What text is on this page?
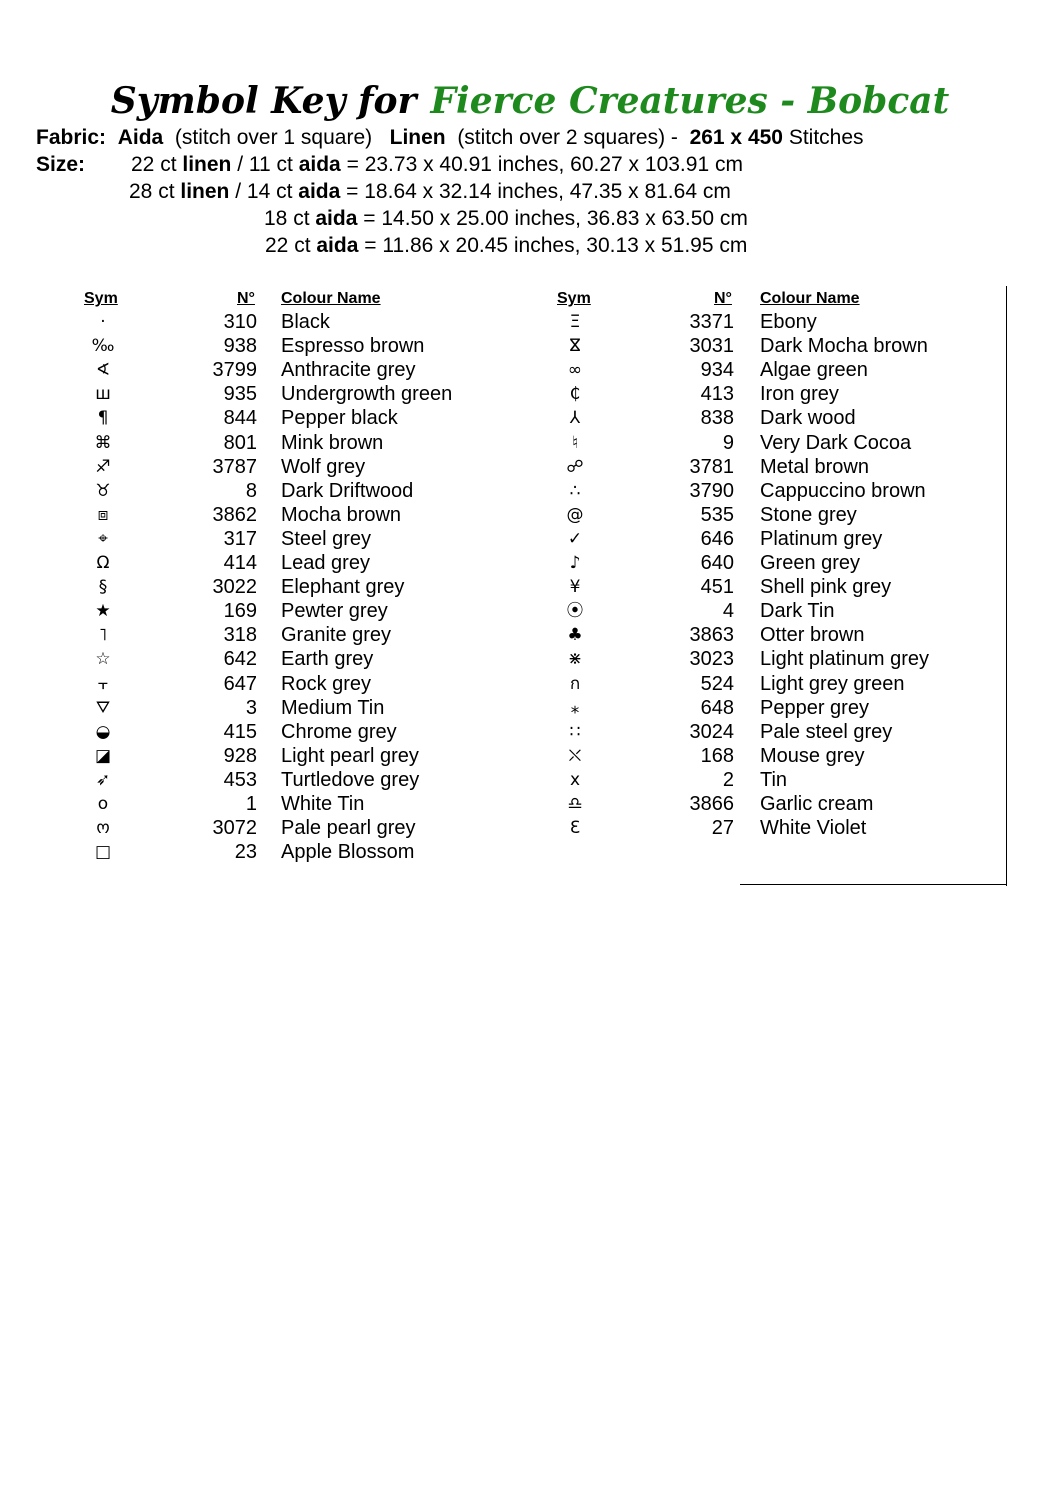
Symbol Key for Fierce Creatures - Bobcat
Fabric: Aida (stitch over 1 square) Linen (stitch over 2 squares) - 261 x 450 Stitches
Size: 22 ct linen / 11 ct aida = 23.73 x 40.91 inches, 60.27 x 103.91 cm
28 ct linen / 14 ct aida = 18.64 x 32.14 inches, 47.35 x 81.64 cm
18 ct aida = 14.50 x 25.00 inches, 36.83 x 63.50 cm
22 ct aida = 11.86 x 20.45 inches, 30.13 x 51.95 cm
Sym	N° Colour Name	Sym	N° Colour Name
·	310 Black
‰	938 Espresso brown
∢	3799 Anthracite grey
ш	935 Undergrowth green
¶	844 Pepper black
⌘	801 Mink brown
♐	3787 Wolf grey
♉	8 Dark Driftwood
⧈	3862 Mocha brown
⌖	317 Steel grey
Ω	414 Lead grey
§	3022 Elephant grey
★	169 Pewter grey
˥	318 Granite grey
☆	642 Earth grey
⫟	647 Rock grey
⛛	3 Medium Tin
◒	415 Chrome grey
◪	928 Light pearl grey
➶	453 Turtledove grey
o	1 White Tin
ო	3072 Pale pearl grey
□	23 Apple Blossom
Ξ	3371 Ebony
ⴵ	3031 Dark Mocha brown
∞	934 Algae green
₵	413 Iron grey
⅄	838 Dark wood
♮	9 Very Dark Cocoa
☍	3781 Metal brown
∴	3790 Cappuccino brown
@	535 Stone grey
✓	646 Platinum grey
♪	640 Green grey
¥	451 Shell pink grey
⦿	4 Dark Tin
♣	3863 Otter brown
⋇	3023 Light platinum grey
ก	524 Light grey green
⁎	648 Pepper grey
∷	3024 Pale steel grey
⛌	168 Mouse grey
x	2 Tin
♎	3866 Garlic cream
Ɛ	27 White Violet
